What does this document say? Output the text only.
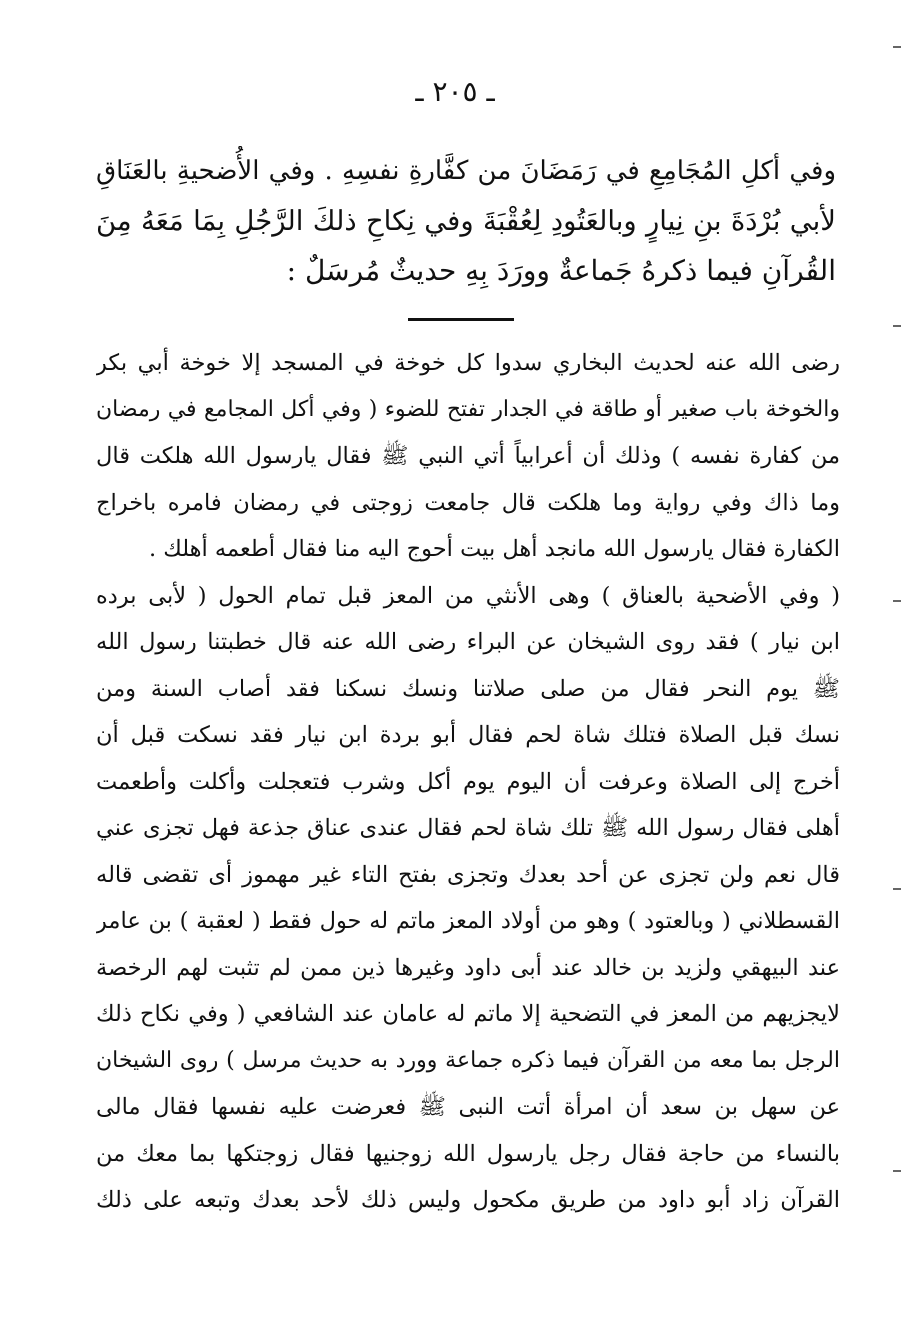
ـ ٢٠٥ ـ
وفي أكلِ المُجَامِعِ في رَمَضَانَ من كفَّارةِ نفسِهِ . وفي الأُضحيةِ بالعَنَاقِ
لأبي بُرْدَةَ بنِ نِيارٍ وبالعَتُودِ لِعُقْبَةَ وفي نِكاحِ ذلكَ الرَّجُلِ بِمَا مَعَهُ مِنَ
القُرآنِ فيما ذكرهُ جَماعةٌ وورَدَ بِهِ حديثٌ مُرسَلٌ :
رضى الله عنه لحديث البخاري سدوا كل خوخة في المسجد إلا خوخة أبي بكر
والخوخة باب صغير أو طاقة في الجدار تفتح للضوء ( وفي أكل المجامع في رمضان
من كفارة نفسه ) وذلك أن أعرابياً أتي النبي ﷺ فقال يارسول الله هلكت قال
وما ذاك وفي رواية وما هلكت قال جامعت زوجتى في رمضان فامره باخراج
الكفارة فقال يارسول الله مانجد أهل بيت أحوج اليه منا فقال أطعمه أهلك .
( وفي الأضحية بالعناق ) وهى الأنثي من المعز قبل تمام الحول ( لأبى برده
ابن نيار ) فقد روى الشيخان عن البراء رضى الله عنه قال خطبتنا رسول الله
ﷺ يوم النحر فقال من صلى صلاتنا ونسك نسكنا فقد أصاب السنة ومن
نسك قبل الصلاة فتلك شاة لحم فقال أبو بردة ابن نيار فقد نسكت قبل أن
أخرج إلى الصلاة وعرفت أن اليوم يوم أكل وشرب فتعجلت وأكلت وأطعمت
أهلى فقال رسول الله ﷺ تلك شاة لحم فقال عندى عناق جذعة فهل تجزى عني
قال نعم ولن تجزى عن أحد بعدك وتجزى بفتح التاء غير مهموز أى تقضى قاله
القسطلاني ( وبالعتود ) وهو من أولاد المعز ماتم له حول فقط ( لعقبة ) بن عامر
عند البيهقي ولزيد بن خالد عند أبى داود وغيرها ذين ممن لم تثبت لهم الرخصة
لايجزيهم من المعز في التضحية إلا ماتم له عامان عند الشافعي ( وفي نكاح ذلك
الرجل بما معه من القرآن فيما ذكره جماعة وورد به حديث مرسل ) روى الشيخان
عن سهل بن سعد أن امرأة أتت النبى ﷺ فعرضت عليه نفسها فقال مالى
بالنساء من حاجة فقال رجل يارسول الله زوجنيها فقال زوجتكها بما معك من
القرآن زاد أبو داود من طريق مكحول وليس ذلك لأحد بعدك وتبعه على ذلك
